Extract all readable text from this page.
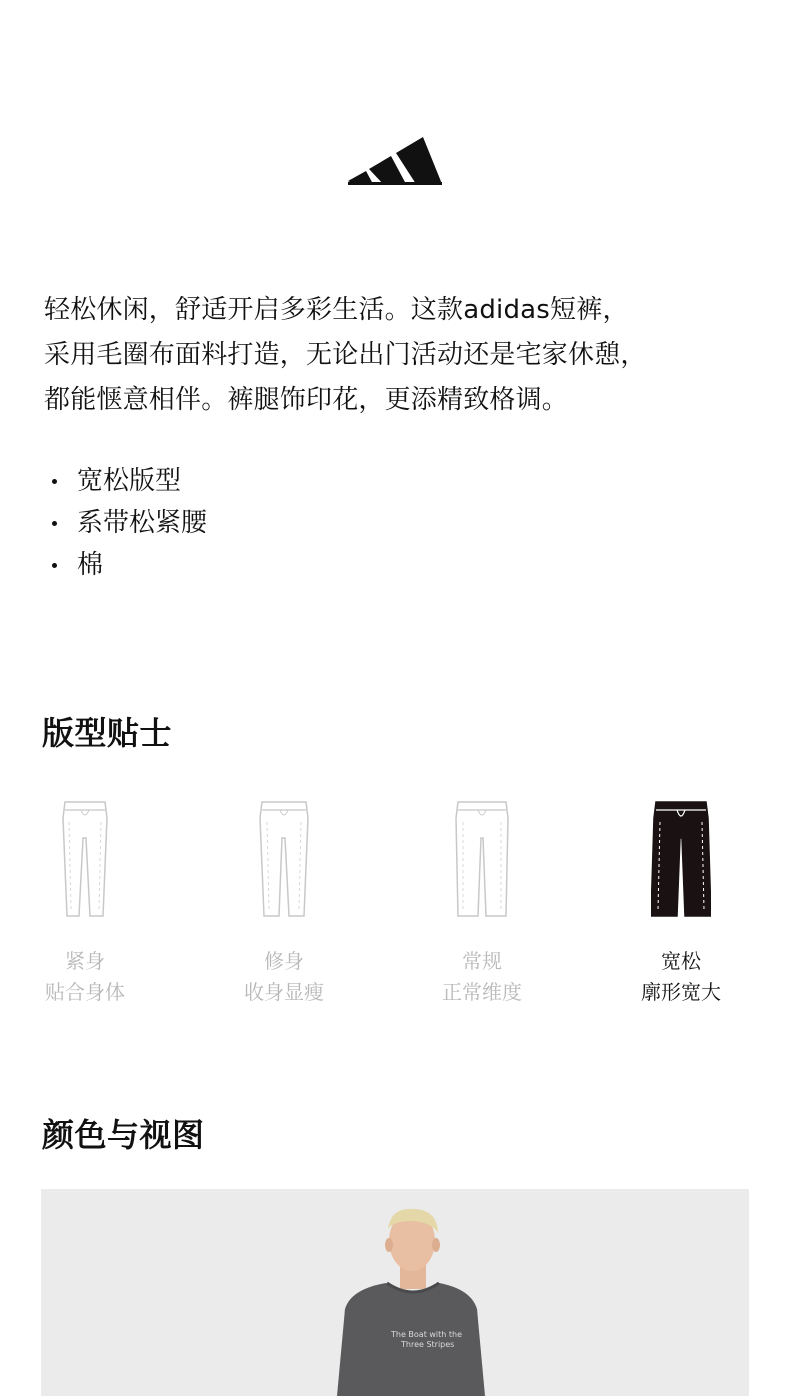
轻松休闲，舒适开启多彩生活。这款adidas短裤，

采用毛圈布面料打造，无论出门活动还是宅家休憩，

都能惬意相伴。裤腿饰印花，更添精致格调。

宽松版型
系带松紧腰
棉
版型贴士
紧身
贴合身体
修身
收身显瘦
常规
正常维度
宽松
廓形宽大
颜色与视图
The Boat with the
Three Stripes
